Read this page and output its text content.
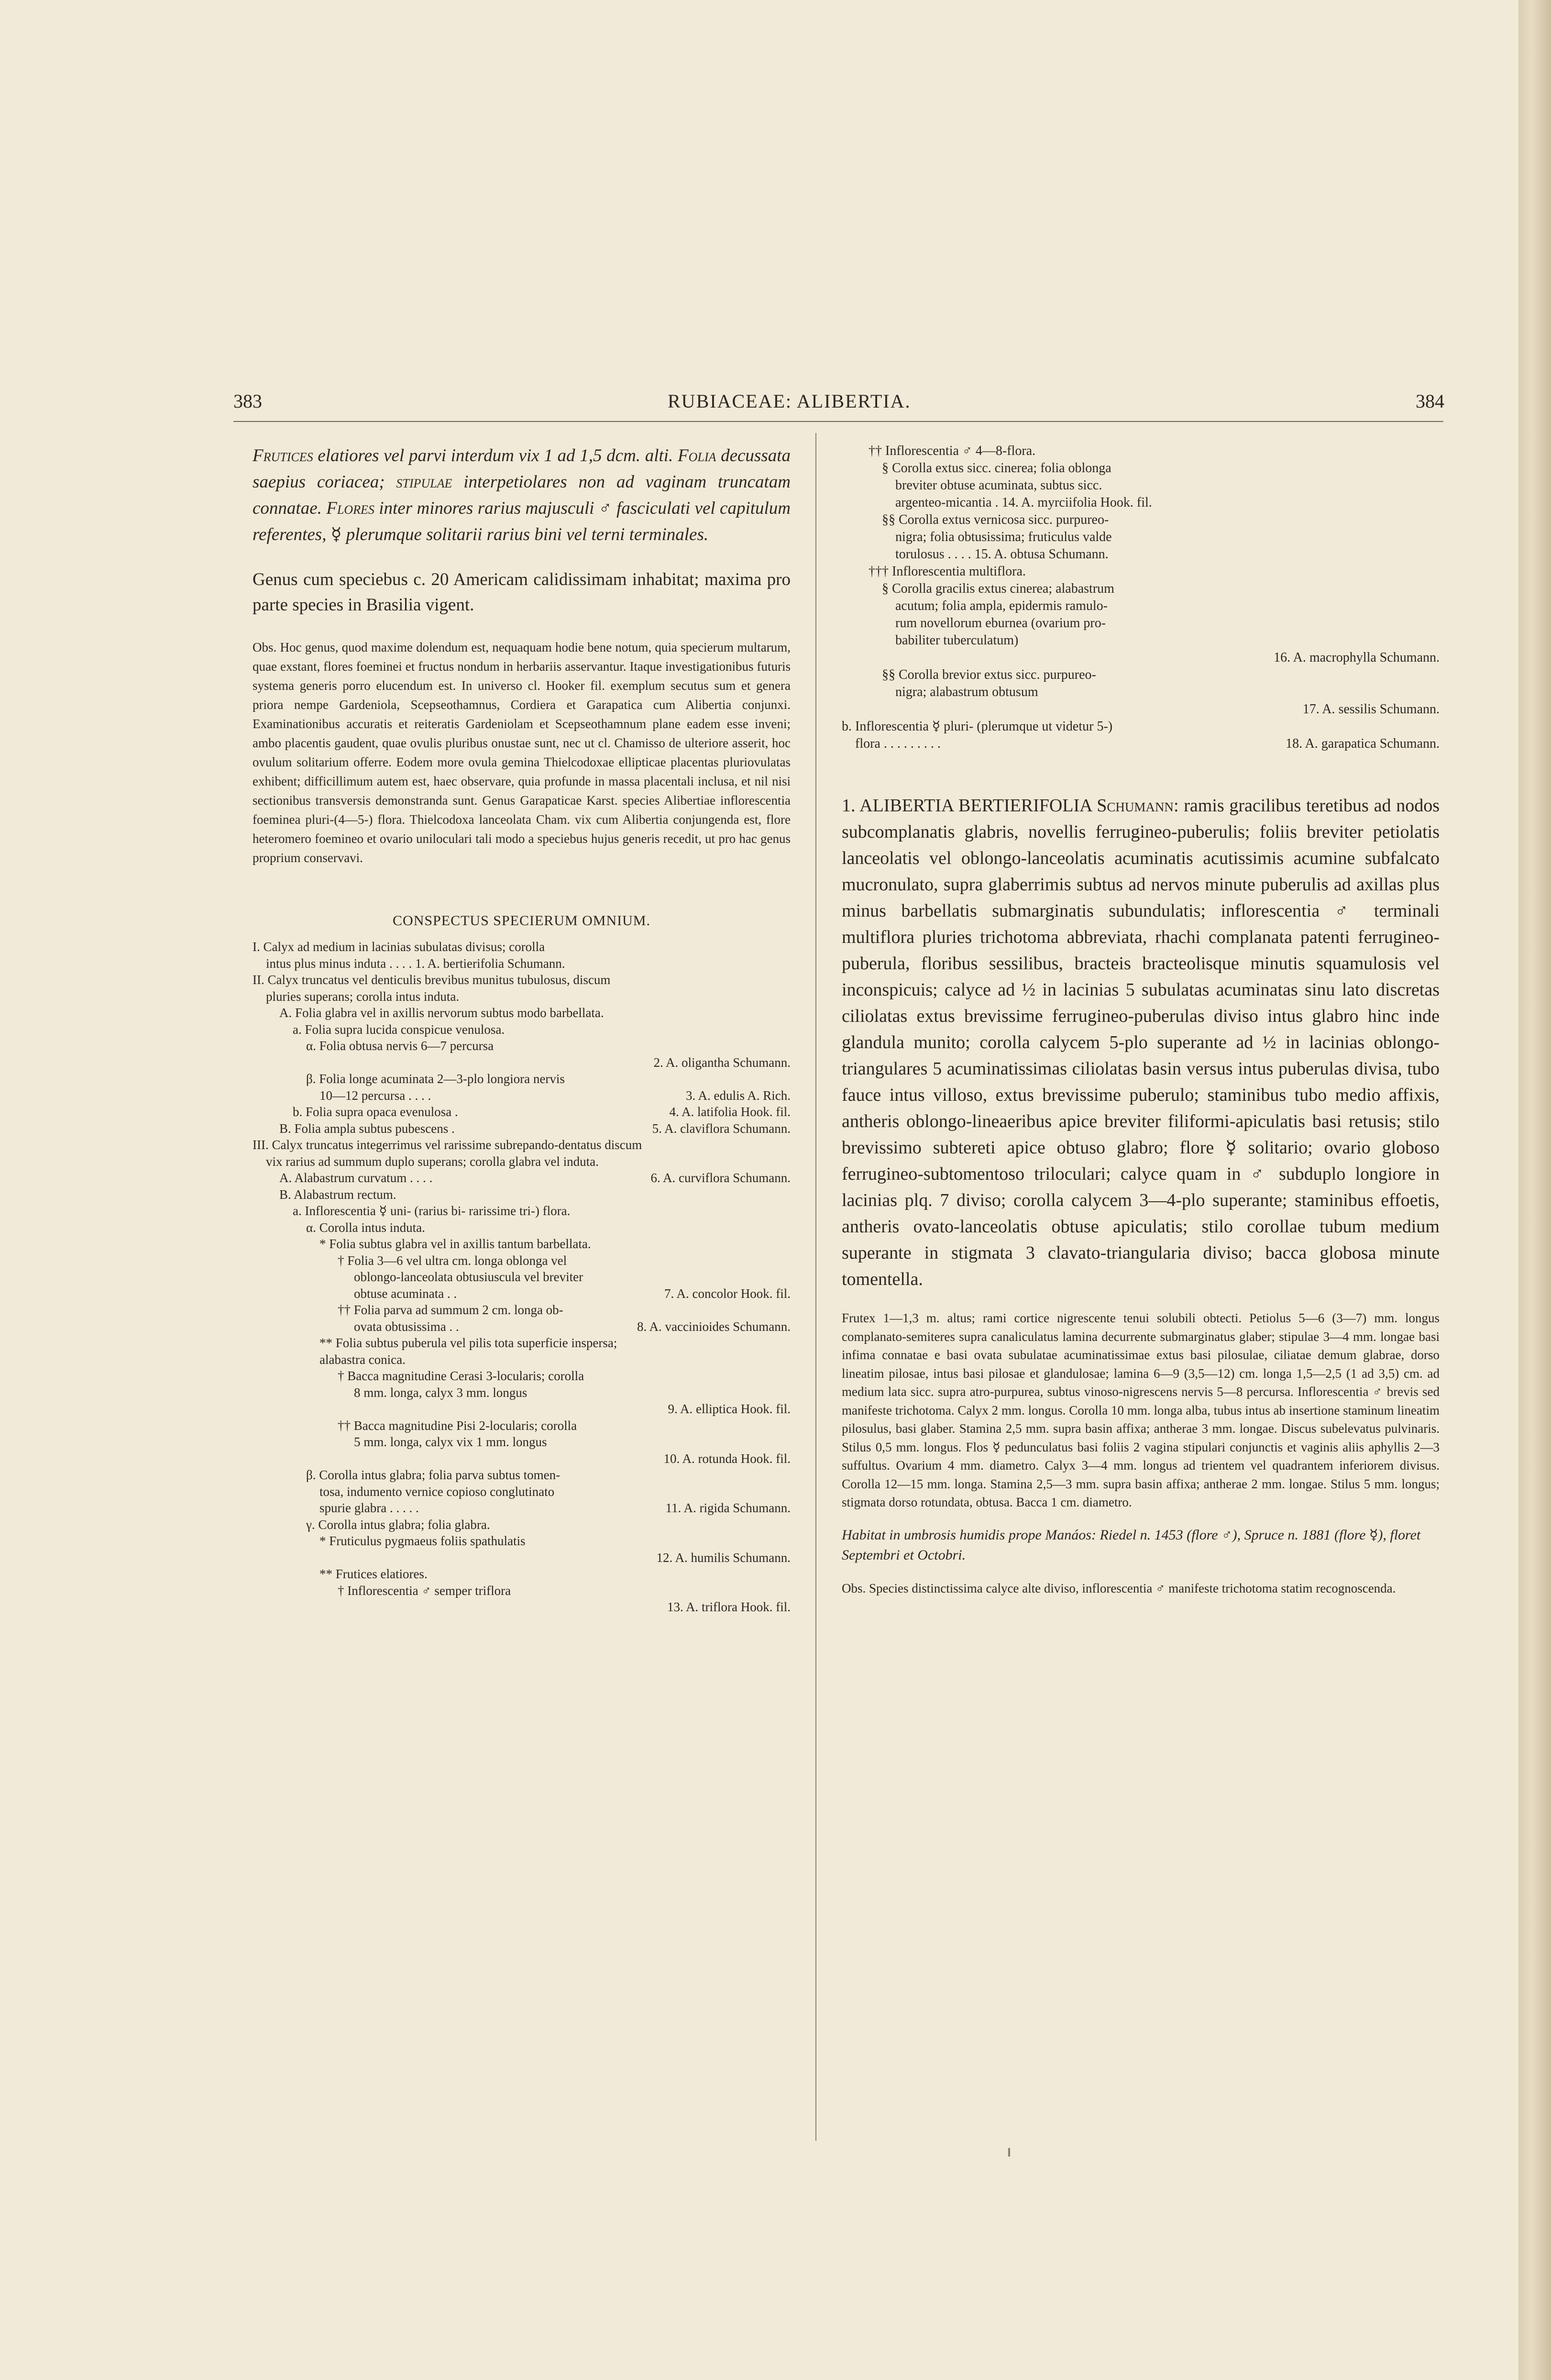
383	RUBIACEAE: ALIBERTIA.	384

Frutices elatiores vel parvi interdum vix 1 ad 1,5 dcm. alti. Folia decussata saepius coriacea; stipulae interpetiolares non ad vaginam truncatam connatae. Flores inter minores rarius majusculi ♂ fasciculati vel capitulum referentes, ☿ plerumque solitarii rarius bini vel terni terminales.

Genus cum speciebus c. 20 Americam calidissimam inhabitat; maxima pro parte species in Brasilia vigent.

Obs. Hoc genus, quod maxime dolendum est, nequaquam hodie bene notum, quia specierum multarum, quae exstant, flores foeminei et fructus nondum in herbariis asservantur. Itaque investigationibus futuris systema generis porro elucendum est. In universo cl. Hooker fil. exemplum secutus sum et genera priora nempe Gardeniola, Scepseothamnus, Cordiera et Garapatica cum Alibertia conjunxi. Examinationibus accuratis et reiteratis Gardeniolam et Scepseothamnum plane eadem esse inveni; ambo placentis gaudent, quae ovulis pluribus onustae sunt, nec ut cl. Chamisso de ulteriore asserit, hoc ovulum solitarium offerre. Eodem more ovula gemina Thielcodoxae ellipticae placentas pluriovulatas exhibent; difficillimum autem est, haec observare, quia profunde in massa placentali inclusa, et nil nisi sectionibus transversis demonstranda sunt. Genus Garapaticae Karst. species Alibertiae inflorescentia foeminea pluri-(4—5-) flora. Thielcodoxa lanceolata Cham. vix cum Alibertia conjungenda est, flore heteromero foemineo et ovario uniloculari tali modo a speciebus hujus generis recedit, ut pro hac genus proprium conservavi.

CONSPECTUS SPECIERUM OMNIUM.
I. Calyx ad medium in lacinias subulatas divisus; corolla
intus plus minus induta . . . . 1. A. bertierifolia Schumann.
II. Calyx truncatus vel denticulis brevibus munitus tubulosus, discum
pluries superans; corolla intus induta.
A. Folia glabra vel in axillis nervorum subtus modo barbellata.
a. Folia supra lucida conspicue venulosa.
α. Folia obtusa nervis 6—7 percursa
2. A. oligantha Schumann.
β. Folia longe acuminata 2—3-plo longiora nervis
10—12 percursa . . . .	3. A. edulis A. Rich.
b. Folia supra opaca evenulosa .	4. A. latifolia Hook. fil.
B. Folia ampla subtus pubescens .	5. A. claviflora Schumann.
III. Calyx truncatus integerrimus vel rarissime subrepando-dentatus discum
vix rarius ad summum duplo superans; corolla glabra vel induta.
A. Alabastrum curvatum . . . .	6. A. curviflora Schumann.
B. Alabastrum rectum.
a. Inflorescentia ☿ uni- (rarius bi- rarissime tri-) flora.
α. Corolla intus induta.
* Folia subtus glabra vel in axillis tantum barbellata.
† Folia 3—6 vel ultra cm. longa oblonga vel
oblongo-lanceolata obtusiuscula vel breviter
obtuse acuminata . .	7. A. concolor Hook. fil.
†† Folia parva ad summum 2 cm. longa ob-
ovata obtusissima . .	8. A. vaccinioides Schumann.
** Folia subtus puberula vel pilis tota superficie inspersa;
alabastra conica.
† Bacca magnitudine Cerasi 3-locularis; corolla
8 mm. longa, calyx 3 mm. longus
9. A. elliptica Hook. fil.
†† Bacca magnitudine Pisi 2-locularis; corolla
5 mm. longa, calyx vix 1 mm. longus
10. A. rotunda Hook. fil.
β. Corolla intus glabra; folia parva subtus tomen-
tosa, indumento vernice copioso conglutinato
spurie glabra . . . . .	11. A. rigida Schumann.
γ. Corolla intus glabra; folia glabra.
* Fruticulus pygmaeus foliis spathulatis
12. A. humilis Schumann.
** Frutices elatiores.
† Inflorescentia ♂ semper triflora
13. A. triflora Hook. fil.
†† Inflorescentia ♂ 4—8-flora.
§ Corolla extus sicc. cinerea; folia oblonga
breviter obtuse acuminata, subtus sicc.
argenteo-micantia . 14. A. myrciifolia Hook. fil.
§§ Corolla extus vernicosa sicc. purpureo-
nigra; folia obtusissima; fruticulus valde
torulosus . . . . 15. A. obtusa Schumann.
††† Inflorescentia multiflora.
§ Corolla gracilis extus cinerea; alabastrum
acutum; folia ampla, epidermis ramulo-
rum novellorum eburnea (ovarium pro-
babiliter tuberculatum)
16. A. macrophylla Schumann.
§§ Corolla brevior extus sicc. purpureo-
nigra; alabastrum obtusum
17. A. sessilis Schumann.
b. Inflorescentia ☿ pluri- (plerumque ut videtur 5-)
flora . . . . . . . . .	18. A. garapatica Schumann.

1. ALIBERTIA BERTIERIFOLIA Schumann: ramis gracilibus teretibus ad nodos subcomplanatis glabris, novellis ferrugineo-puberulis; foliis breviter petiolatis lanceolatis vel oblongo-lanceolatis acuminatis acutissimis acumine subfalcato mucronulato, supra glaberrimis subtus ad nervos minute puberulis ad axillas plus minus barbellatis submarginatis subundulatis; inflorescentia ♂ terminali multiflora pluries trichotoma abbreviata, rhachi complanata patenti ferrugineo-puberula, floribus sessilibus, bracteis bracteolisque minutis squamulosis vel inconspicuis; calyce ad ½ in lacinias 5 subulatas acuminatas sinu lato discretas ciliolatas extus brevissime ferrugineo-puberulas diviso intus glabro hinc inde glandula munito; corolla calycem 5-plo superante ad ½ in lacinias oblongo-triangulares 5 acuminatissimas ciliolatas basin versus intus puberulas divisa, tubo fauce intus villoso, extus brevissime puberulo; staminibus tubo medio affixis, antheris oblongo-lineaeribus apice breviter filiformi-apiculatis basi retusis; stilo brevissimo subtereti apice obtuso glabro; flore ☿ solitario; ovario globoso ferrugineo-subtomentoso triloculari; calyce quam in ♂ subduplo longiore in lacinias plq. 7 diviso; corolla calycem 3—4-plo superante; staminibus effoetis, antheris ovato-lanceolatis obtuse apiculatis; stilo corollae tubum medium superante in stigmata 3 clavato-triangularia diviso; bacca globosa minute tomentella.

Frutex 1—1,3 m. altus; rami cortice nigrescente tenui solubili obtecti. Petiolus 5—6 (3—7) mm. longus complanato-semiteres supra canaliculatus lamina decurrente submarginatus glaber; stipulae 3—4 mm. longae basi infima connatae e basi ovata subulatae acuminatissimae extus basi pilosulae, ciliatae demum glabrae, dorso lineatim pilosae, intus basi pilosae et glandulosae; lamina 6—9 (3,5—12) cm. longa 1,5—2,5 (1 ad 3,5) cm. ad medium lata sicc. supra atro-purpurea, subtus vinoso-nigrescens nervis 5—8 percursa. Inflorescentia ♂ brevis sed manifeste trichotoma. Calyx 2 mm. longus. Corolla 10 mm. longa alba, tubus intus ab insertione staminum lineatim pilosulus, basi glaber. Stamina 2,5 mm. supra basin affixa; antherae 3 mm. longae. Discus subelevatus pulvinaris. Stilus 0,5 mm. longus. Flos ☿ pedunculatus basi foliis 2 vagina stipulari conjunctis et vaginis aliis aphyllis 2—3 suffultus. Ovarium 4 mm. diametro. Calyx 3—4 mm. longus ad trientem vel quadrantem inferiorem divisus. Corolla 12—15 mm. longa. Stamina 2,5—3 mm. supra basin affixa; antherae 2 mm. longae. Stilus 5 mm. longus; stigmata dorso rotundata, obtusa. Bacca 1 cm. diametro.

Habitat in umbrosis humidis prope Manáos: Riedel n. 1453 (flore ♂), Spruce n. 1881 (flore ☿), floret Septembri et Octobri.

Obs. Species distinctissima calyce alte diviso, inflorescentia ♂ manifeste trichotoma statim recognoscenda.
